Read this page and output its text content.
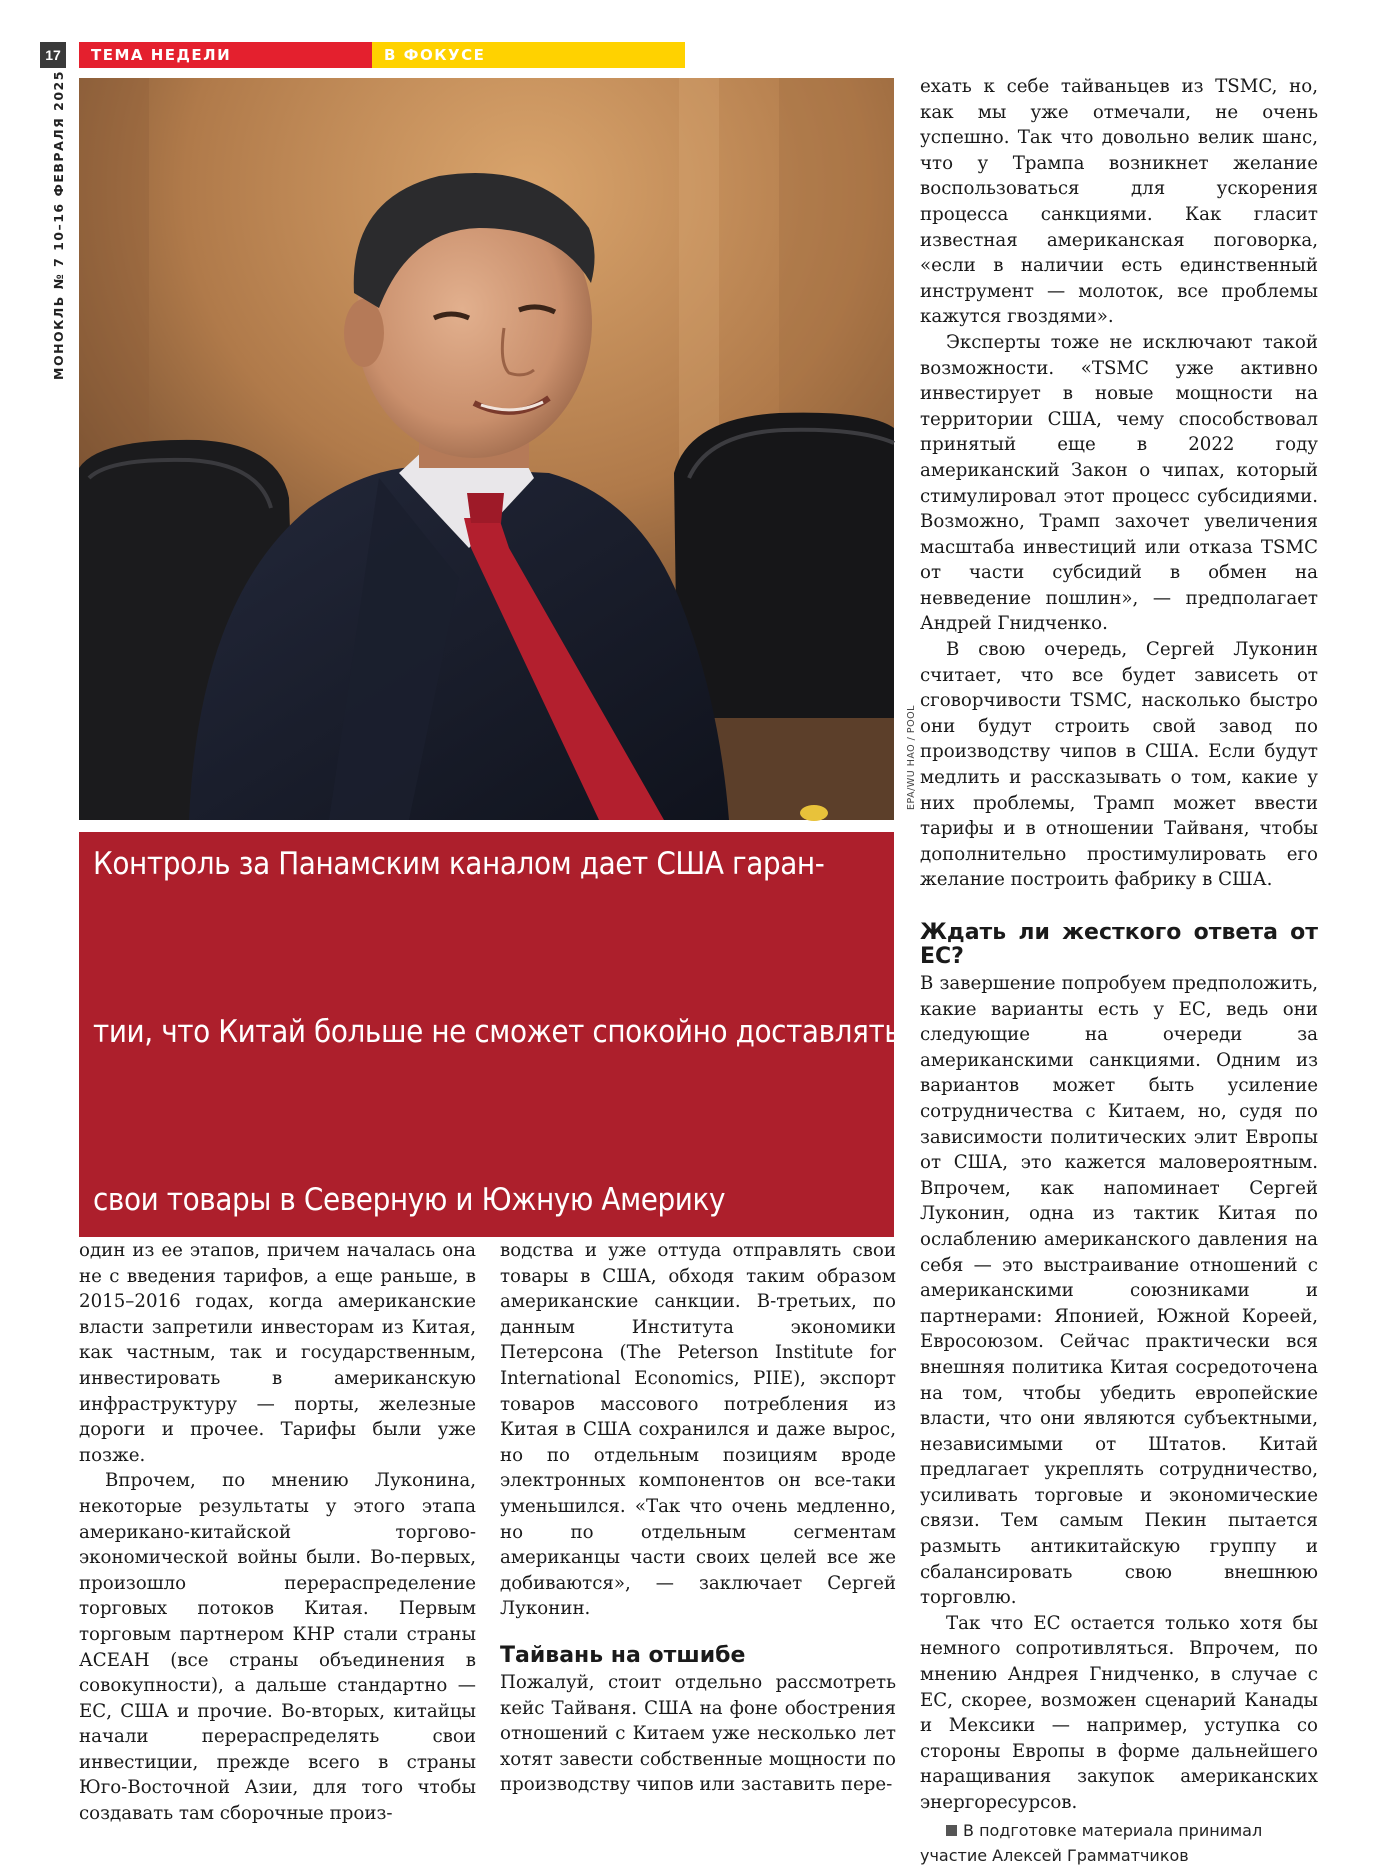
17	ТЕМА НЕДЕЛИ	В ФОКУСЕ
МОНОКЛЬ № 7 10–16 ФЕВРАЛЯ 2025
EPA/WU HAO / POOL
Контроль за Панамским каналом дает США гаран-
тии, что Китай больше не сможет спокойно доставлять
свои товары в Северную и Южную Америку

один из ее этапов, причем началась она не с введения тарифов, а еще раньше, в 2015–2016 годах, когда американские власти запретили инвесторам из Китая, как частным, так и государственным, инвестировать в американскую инфраструктуру — порты, железные дороги и прочее. Тарифы были уже позже.

Впрочем, по мнению Луконина, некоторые результаты у этого этапа американо-китайской торгово-экономической войны были. Во-первых, произошло перераспределение торговых потоков Китая. Первым торговым партнером КНР стали страны АСЕАН (все страны объединения в совокупности), а дальше стандартно — ЕС, США и прочие. Во-вторых, китайцы начали перераспределять свои инвестиции, прежде всего в страны Юго-Восточной Азии, для того чтобы создавать там сборочные произ-

водства и уже оттуда отправлять свои товары в США, обходя таким образом американские санкции. В-третьих, по данным Института экономики Петерсона (The Peterson Institute for International Economics, PIIE), экспорт товаров массового потребления из Китая в США сохранился и даже вырос, но по отдельным позициям вроде электронных компонентов он все-таки уменьшился. «Так что очень медленно, но по отдельным сегментам американцы части своих целей все же добиваются», — заключает Сергей Луконин.

Тайвань на отшибе

Пожалуй, стоит отдельно рассмотреть кейс Тайваня. США на фоне обострения отношений с Китаем уже несколько лет хотят завести собственные мощности по производству чипов или заставить пере-

ехать к себе тайваньцев из TSMC, но, как мы уже отмечали, не очень успешно. Так что довольно велик шанс, что у Трампа возникнет желание воспользоваться для ускорения процесса санкциями. Как гласит известная американская поговорка, «если в наличии есть единственный инструмент — молоток, все проблемы кажутся гвоздями».

Эксперты тоже не исключают такой возможности. «TSMC уже активно инвестирует в новые мощности на территории США, чему способствовал принятый еще в 2022 году американский Закон о чипах, который стимулировал этот процесс субсидиями. Возможно, Трамп захочет увеличения масштаба инвестиций или отказа TSMC от части субсидий в обмен на невведение пошлин», — предполагает Андрей Гнидченко.

В свою очередь, Сергей Луконин считает, что все будет зависеть от сговорчивости TSMC, насколько быстро они будут строить свой завод по производству чипов в США. Если будут медлить и рассказывать о том, какие у них проблемы, Трамп может ввести тарифы и в отношении Тайваня, чтобы дополнительно простимулировать его желание построить фабрику в США.

Ждать ли жесткого ответа от ЕС?

В завершение попробуем предположить, какие варианты есть у ЕС, ведь они следующие на очереди за американскими санкциями. Одним из вариантов может быть усиление сотрудничества с Китаем, но, судя по зависимости политических элит Европы от США, это кажется маловероятным. Впрочем, как напоминает Сергей Луконин, одна из тактик Китая по ослаблению американского давления на себя — это выстраивание отношений с американскими союзниками и партнерами: Японией, Южной Кореей, Евросоюзом. Сейчас практически вся внешняя политика Китая сосредоточена на том, чтобы убедить европейские власти, что они являются субъектными, независимыми от Штатов. Китай предлагает укреплять сотрудничество, усиливать торговые и экономические связи. Тем самым Пекин пытается размыть антикитайскую группу и сбалансировать свою внешнюю торговлю.

Так что ЕС остается только хотя бы немного сопротивляться. Впрочем, по мнению Андрея Гнидченко, в случае с ЕС, скорее, возможен сценарий Канады и Мексики — например, уступка со стороны Европы в форме дальнейшего наращивания закупок американских энергоресурсов.

В подготовке материала принимал участие Алексей Грамматчиков
